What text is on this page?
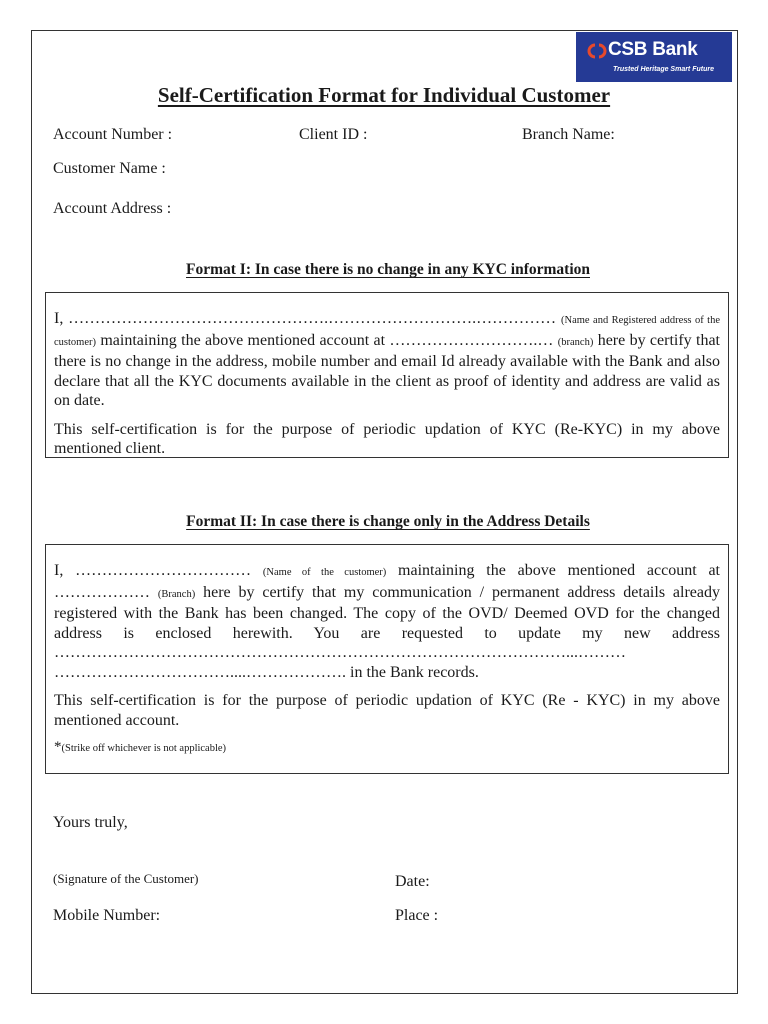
CSB Bank
Trusted Heritage Smart Future
Self-Certification Format for Individual Customer
Account Number :	Client ID :	Branch Name:
Customer Name :
Account Address :
Format I: In case there is no change in any KYC information

I, ………………………………………….……………………….…………… (Name and Registered address of the customer) maintaining the above mentioned account at ……………………….… (branch) here by certify that there is no change in the address, mobile number and email Id already available with the Bank and also declare that all the KYC documents available in the client as proof of identity and address are valid as on date.

This self-certification is for the purpose of periodic updation of KYC (Re-KYC) in my above mentioned client.

Format II: In case there is change only in the Address Details

I, …………………………… (Name of the customer) maintaining the above mentioned account at ……………… (Branch) here by certify that my communication / permanent address details already registered with the Bank has been changed. The copy of the OVD/ Deemed OVD for the changed address is enclosed herewith. You are requested to update my new address ……………………………………………………………………………………...……… ……………………………....………………. in the Bank records.

This self-certification is for the purpose of periodic updation of KYC (Re - KYC) in my above mentioned account.

*(Strike off whichever is not applicable)

Yours truly,
(Signature of the Customer)	Date:
Mobile Number:	Place :
